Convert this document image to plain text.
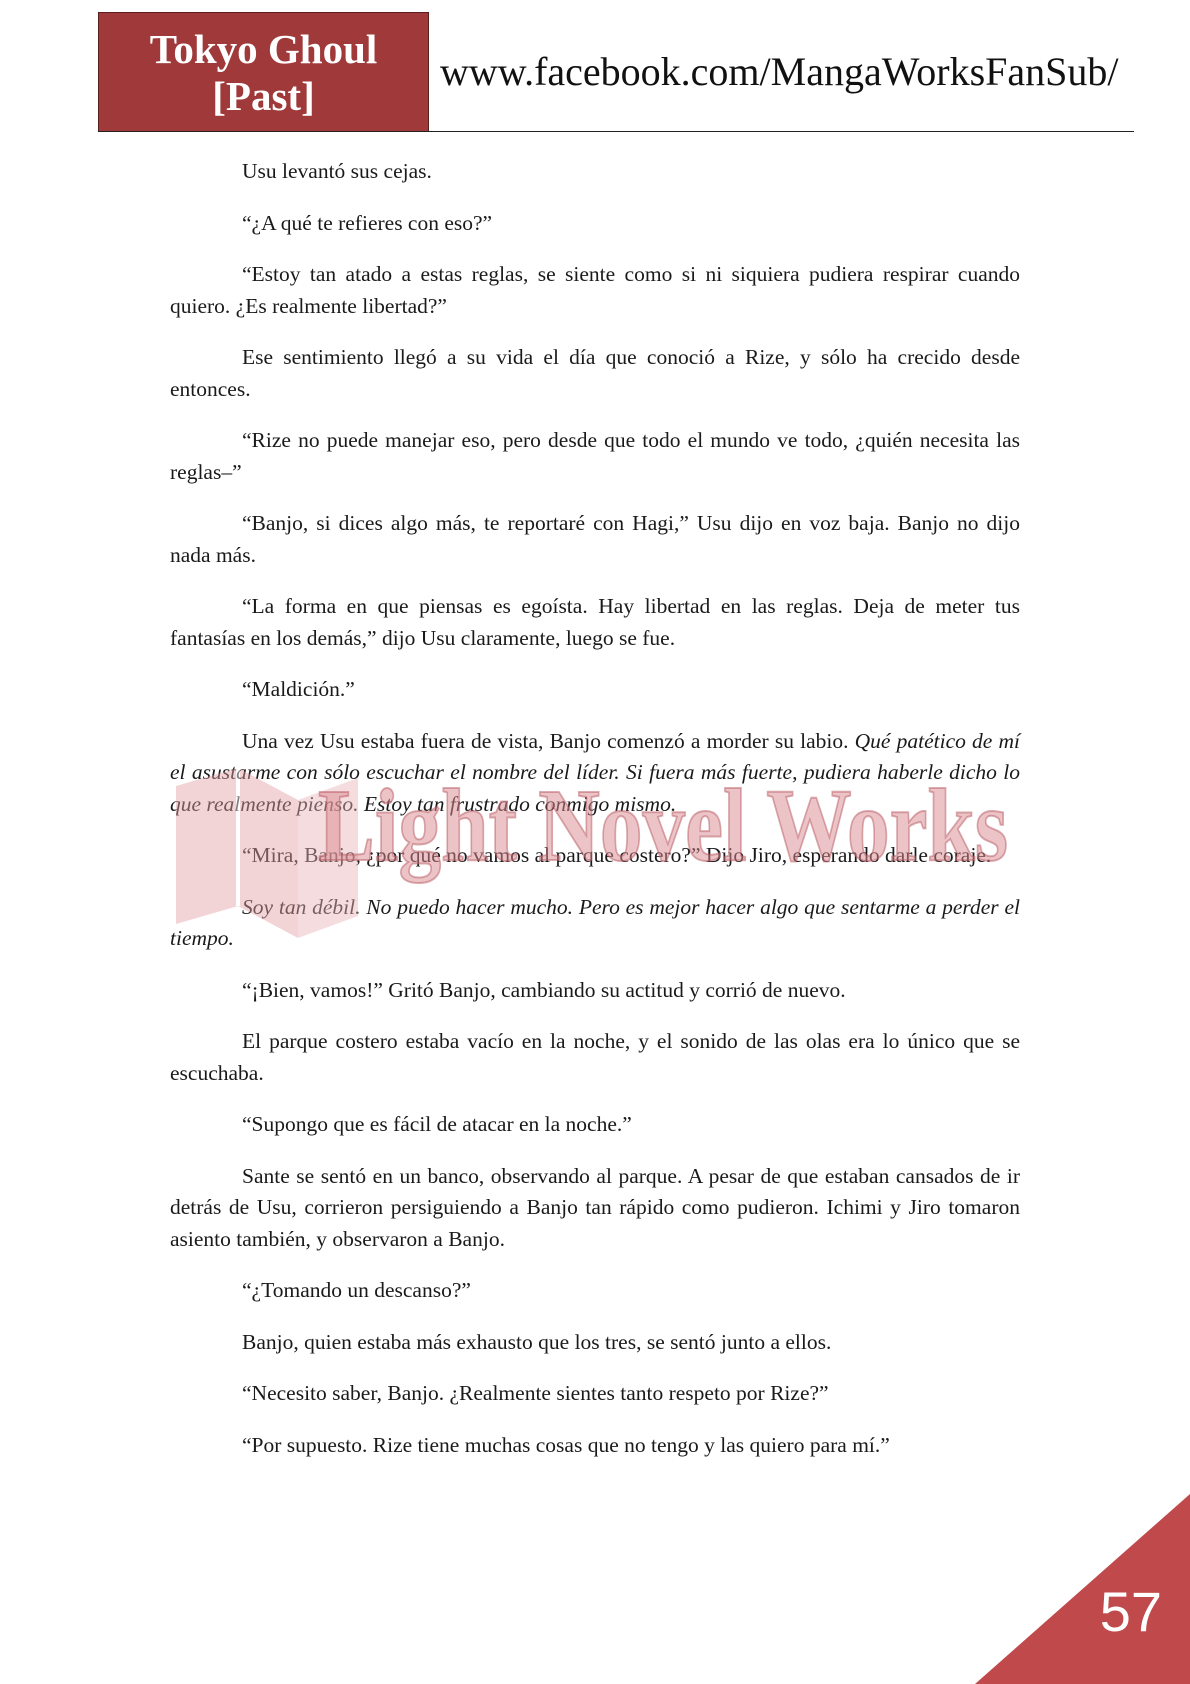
Tokyo Ghoul
[Past]
www.facebook.com/MangaWorksFanSub/

Usu levantó sus cejas.

“¿A qué te refieres con eso?”

“Estoy tan atado a estas reglas, se siente como si ni siquiera pudiera respirar cuando quiero. ¿Es realmente libertad?”

Ese sentimiento llegó a su vida el día que conoció a Rize, y sólo ha crecido desde entonces.

“Rize no puede manejar eso, pero desde que todo el mundo ve todo, ¿quién necesita las reglas–”

“Banjo, si dices algo más, te reportaré con Hagi,” Usu dijo en voz baja. Banjo no dijo nada más.

“La forma en que piensas es egoísta. Hay libertad en las reglas. Deja de meter tus fantasías en los demás,” dijo Usu claramente, luego se fue.

“Maldición.”

Una vez Usu estaba fuera de vista, Banjo comenzó a morder su labio. Qué patético de mí el asustarme con sólo escuchar el nombre del líder. Si fuera más fuerte, pudiera haberle dicho lo que realmente pienso. Estoy tan frustrado conmigo mismo.

“Mira, Banjo, ¿por qué no vamos al parque costero?” Dijo Jiro, esperando darle coraje.

Soy tan débil. No puedo hacer mucho. Pero es mejor hacer algo que sentarme a perder el tiempo.

“¡Bien, vamos!” Gritó Banjo, cambiando su actitud y corrió de nuevo.

El parque costero estaba vacío en la noche, y el sonido de las olas era lo único que se escuchaba.

“Supongo que es fácil de atacar en la noche.”

Sante se sentó en un banco, observando al parque. A pesar de que estaban cansados de ir detrás de Usu, corrieron persiguiendo a Banjo tan rápido como pudieron. Ichimi y Jiro tomaron asiento también, y observaron a Banjo.

“¿Tomando un descanso?”

Banjo, quien estaba más exhausto que los tres, se sentó junto a ellos.

“Necesito saber, Banjo. ¿Realmente sientes tanto respeto por Rize?”

“Por supuesto. Rize tiene muchas cosas que no tengo y las quiero para mí.”

Light Novel Works
57
